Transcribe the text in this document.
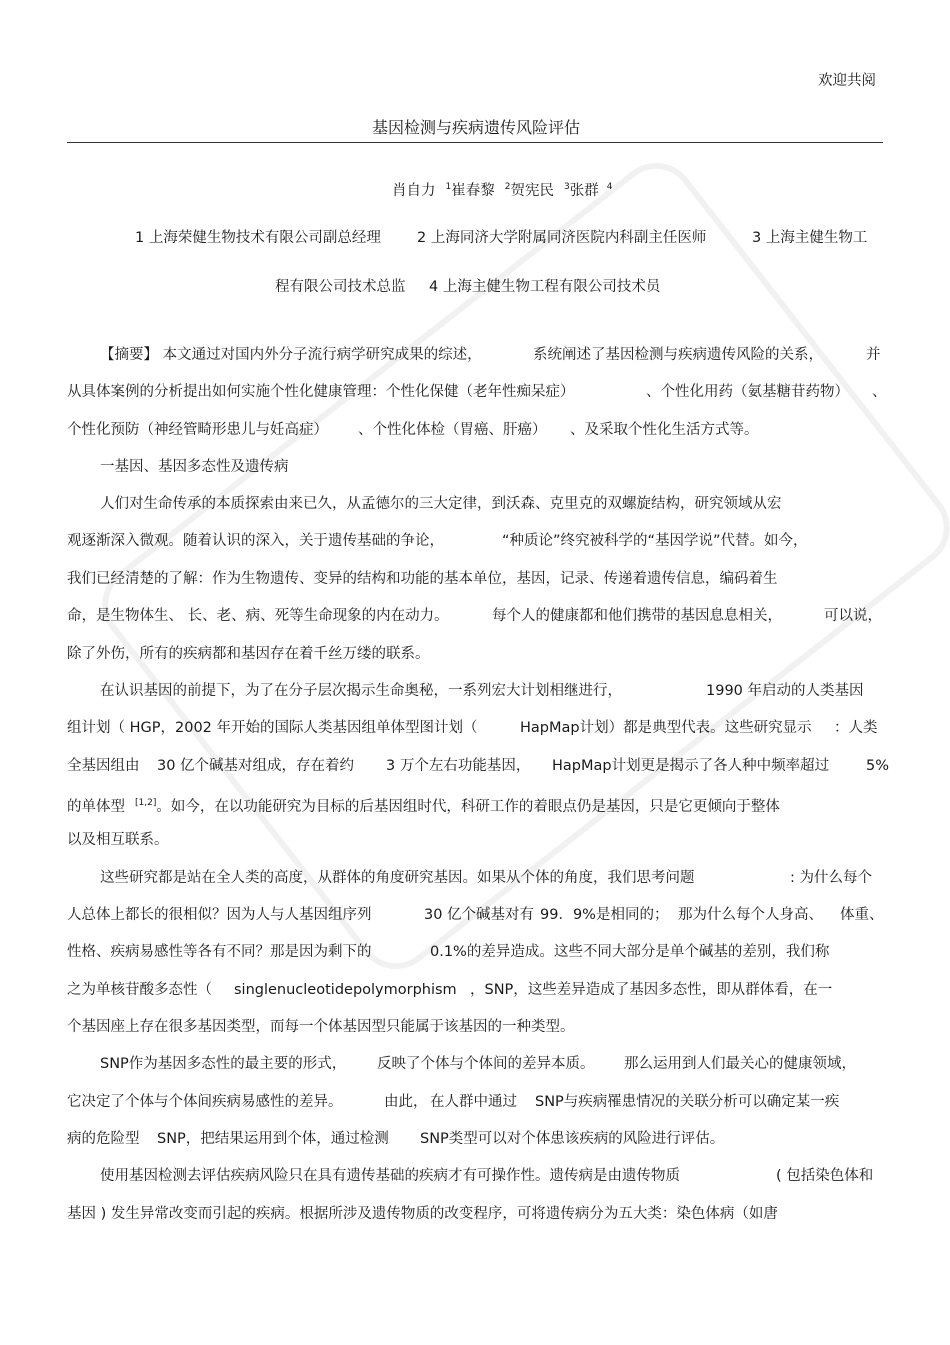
欢迎共阅
基因检测与疾病遗传风险评估
肖自力 $^1$崔春黎 $^2$贺宪民 $^3$张群 $^4$
1 上海荣健生物技术有限公司副总经理 2 上海同济大学附属同济医院内科副主任医师	3 上海主健生物工
程有限公司技术总监 4 上海主健生物工程有限公司技术员
【摘要】 本文通过对国内外分子流行病学研究成果的综述，	系统阐述了基因检测与疾病遗传风险的关系，	并
从具体案例的分析提出如何实施个性化健康管理：个性化保健（老年性痴呆症）	、个性化用药（氨基糖苷药物） 、
个性化预防（神经管畸形患儿与妊高症） 、个性化体检（胃癌、肝癌） 、及采取个性化生活方式等。
一基因、基因多态性及遗传病
人们对生命传承的本质探索由来已久，从孟德尔的三大定律，到沃森、克里克的双螺旋结构，研究领域从宏
观逐渐深入微观。随着认识的深入，关于遗传基础的争论，	“种质论”终究被科学的“基因学说”代替。如今，
我们已经清楚的了解：作为生物遗传、变异的结构和功能的基本单位，基因，记录、传递着遗传信息，编码着生
命，是生物体生、 长、老、病、死等生命现象的内在动力。	每个人的健康都和他们携带的基因息息相关，	可以说，
除了外伤，所有的疾病都和基因存在着千丝万缕的联系。
在认识基因的前提下，为了在分子层次揭示生命奥秘，一系列宏大计划相继进行，	1990 年启动的人类基因
组计划（ HGP，2002 年开始的国际人类基因组单体型图计划（	HapMap计划）都是典型代表。这些研究显示 ：人类
全基因组由 30 亿个碱基对组成，存在着约 3 万个左右功能基因， HapMap计划更是揭示了各人种中频率超过	5%
的单体型 [1,2]。如今，在以功能研究为目标的后基因组时代，科研工作的着眼点仍是基因，只是它更倾向于整体
以及相互联系。
这些研究都是站在全人类的高度，从群体的角度研究基因。如果从个体的角度，我们思考问题	: 为什么每个
人总体上都长的很相似？因为人与人基因组序列	30 亿个碱基对有 99．9%是相同的； 那为什么每个人身高、 体重、
性格、疾病易感性等各有不同？那是因为剩下的	0.1%的差异造成。这些不同大部分是单个碱基的差别，我们称
之为单核苷酸多态性（ singlenucleotidepolymorphism ，SNP，这些差异造成了基因多态性，即从群体看，在一
个基因座上存在很多基因类型，而每一个体基因型只能属于该基因的一种类型。
SNP作为基因多态性的最主要的形式， 反映了个体与个体间的差异本质。 那么运用到人们最关心的健康领域，
它决定了个体与个体间疾病易感性的差异。	由此， 在人群中通过 SNP与疾病罹患情况的关联分析可以确定某一疾
病的危险型 SNP，把结果运用到个体，通过检测 SNP类型可以对个体患该疾病的风险进行评估。
使用基因检测去评估疾病风险只在具有遗传基础的疾病才有可操作性。遗传病是由遗传物质	( 包括染色体和
基因 ) 发生异常改变而引起的疾病。根据所涉及遗传物质的改变程序，可将遗传病分为五大类：染色体病（如唐
